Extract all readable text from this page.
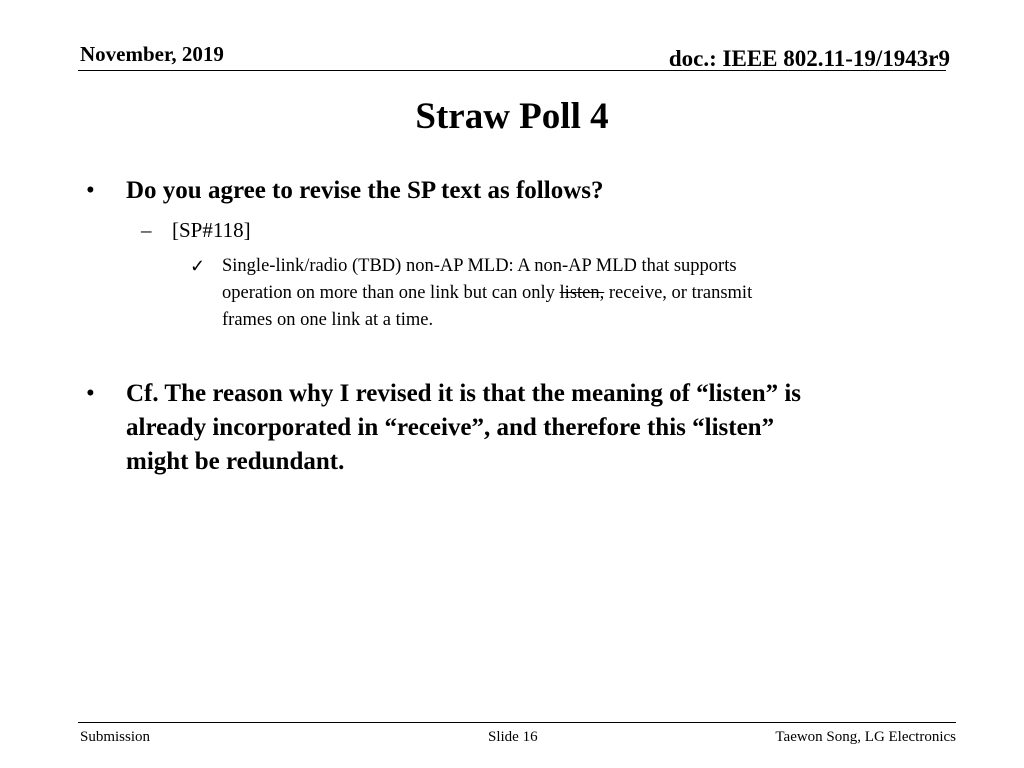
November, 2019	doc.: IEEE 802.11-19/1943r9
Straw Poll 4
• Do you agree to revise the SP text as follows?
– [SP#118]
✓ Single-link/radio (TBD) non-AP MLD: A non-AP MLD that supports
operation on more than one link but can only listen, receive, or transmit
frames on one link at a time.
• Cf. The reason why I revised it is that the meaning of “listen” is
already incorporated in “receive”, and therefore this “listen”
might be redundant.
Submission	Slide 16	Taewon Song, LG Electronics
